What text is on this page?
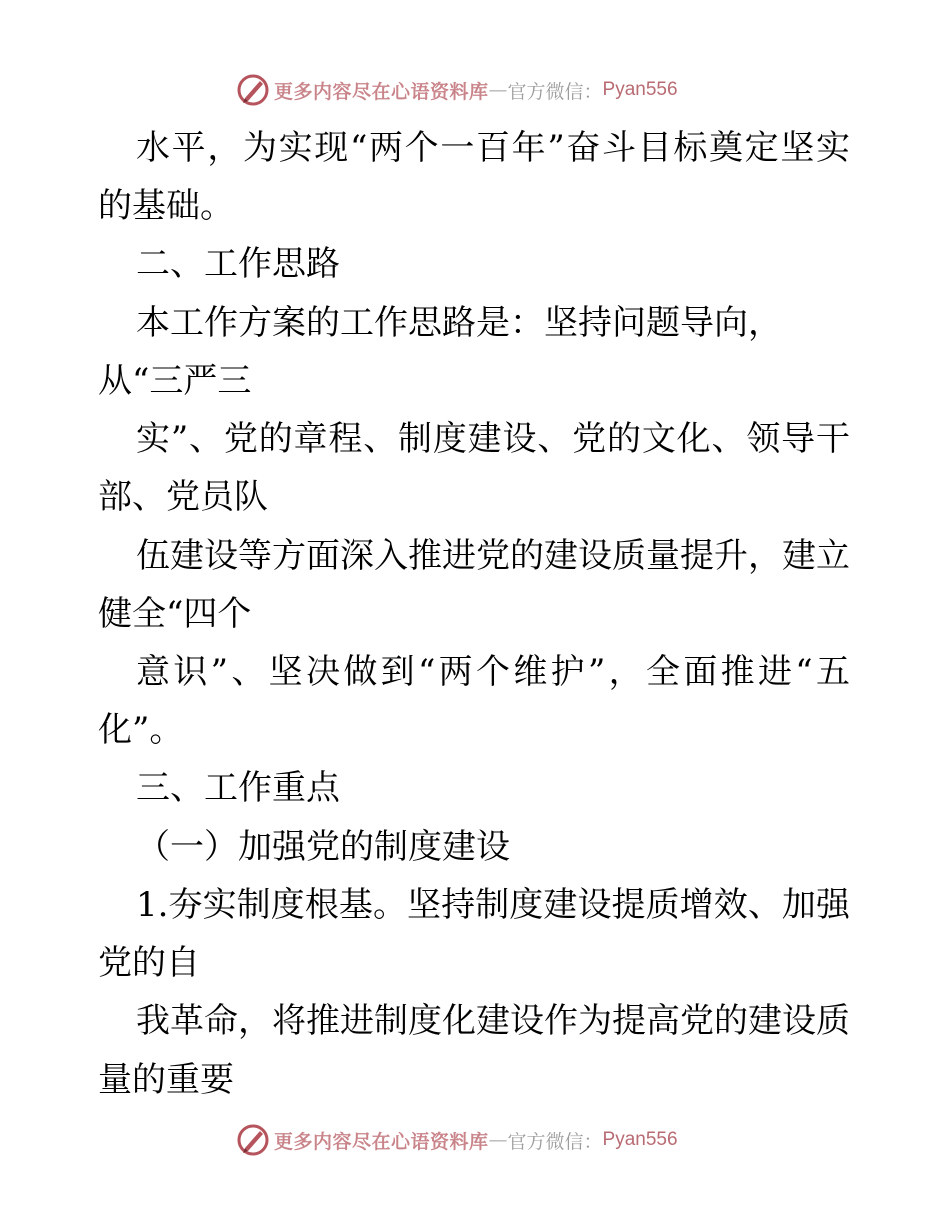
更多内容尽在心语资料库 — 官方微信： Pyan556
水平，为实现“两个一百年”奋斗目标奠定坚实
的基础。
二、工作思路
本工作方案的工作思路是：坚持问题导向，
从“三严三
实”、党的章程、制度建设、党的文化、领导干
部、党员队
伍建设等方面深入推进党的建设质量提升，建立
健全“四个
意识”、坚决做到“两个维护”，全面推进“五
化”。
三、工作重点
（一）加强党的制度建设
1.夯实制度根基。坚持制度建设提质增效、加强
党的自
我革命，将推进制度化建设作为提高党的建设质
量的重要
更多内容尽在心语资料库 — 官方微信： Pyan556
